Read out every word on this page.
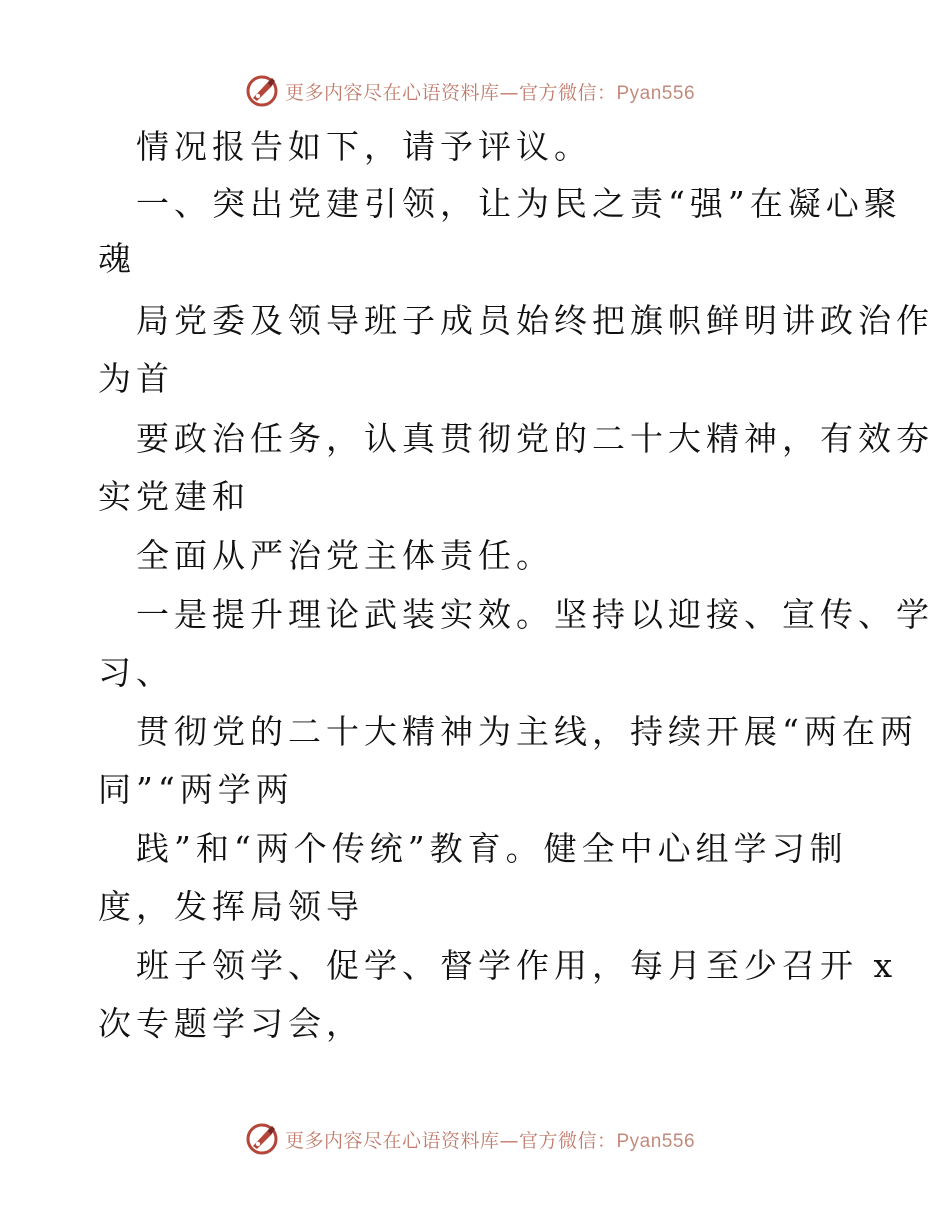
更多内容尽在心语资料库—官方微信：Pyan556
情况报告如下，请予评议。
一、突出党建引领，让为民之责“强”在凝心聚
魂
局党委及领导班子成员始终把旗帜鲜明讲政治作
为首
要政治任务，认真贯彻党的二十大精神，有效夯
实党建和
全面从严治党主体责任。
一是提升理论武装实效。坚持以迎接、宣传、学
习、
贯彻党的二十大精神为主线，持续开展“两在两
同”“两学两
践”和“两个传统”教育。健全中心组学习制
度，发挥局领导
班子领学、促学、督学作用，每月至少召开 x
次专题学习会，
更多内容尽在心语资料库—官方微信：Pyan556
